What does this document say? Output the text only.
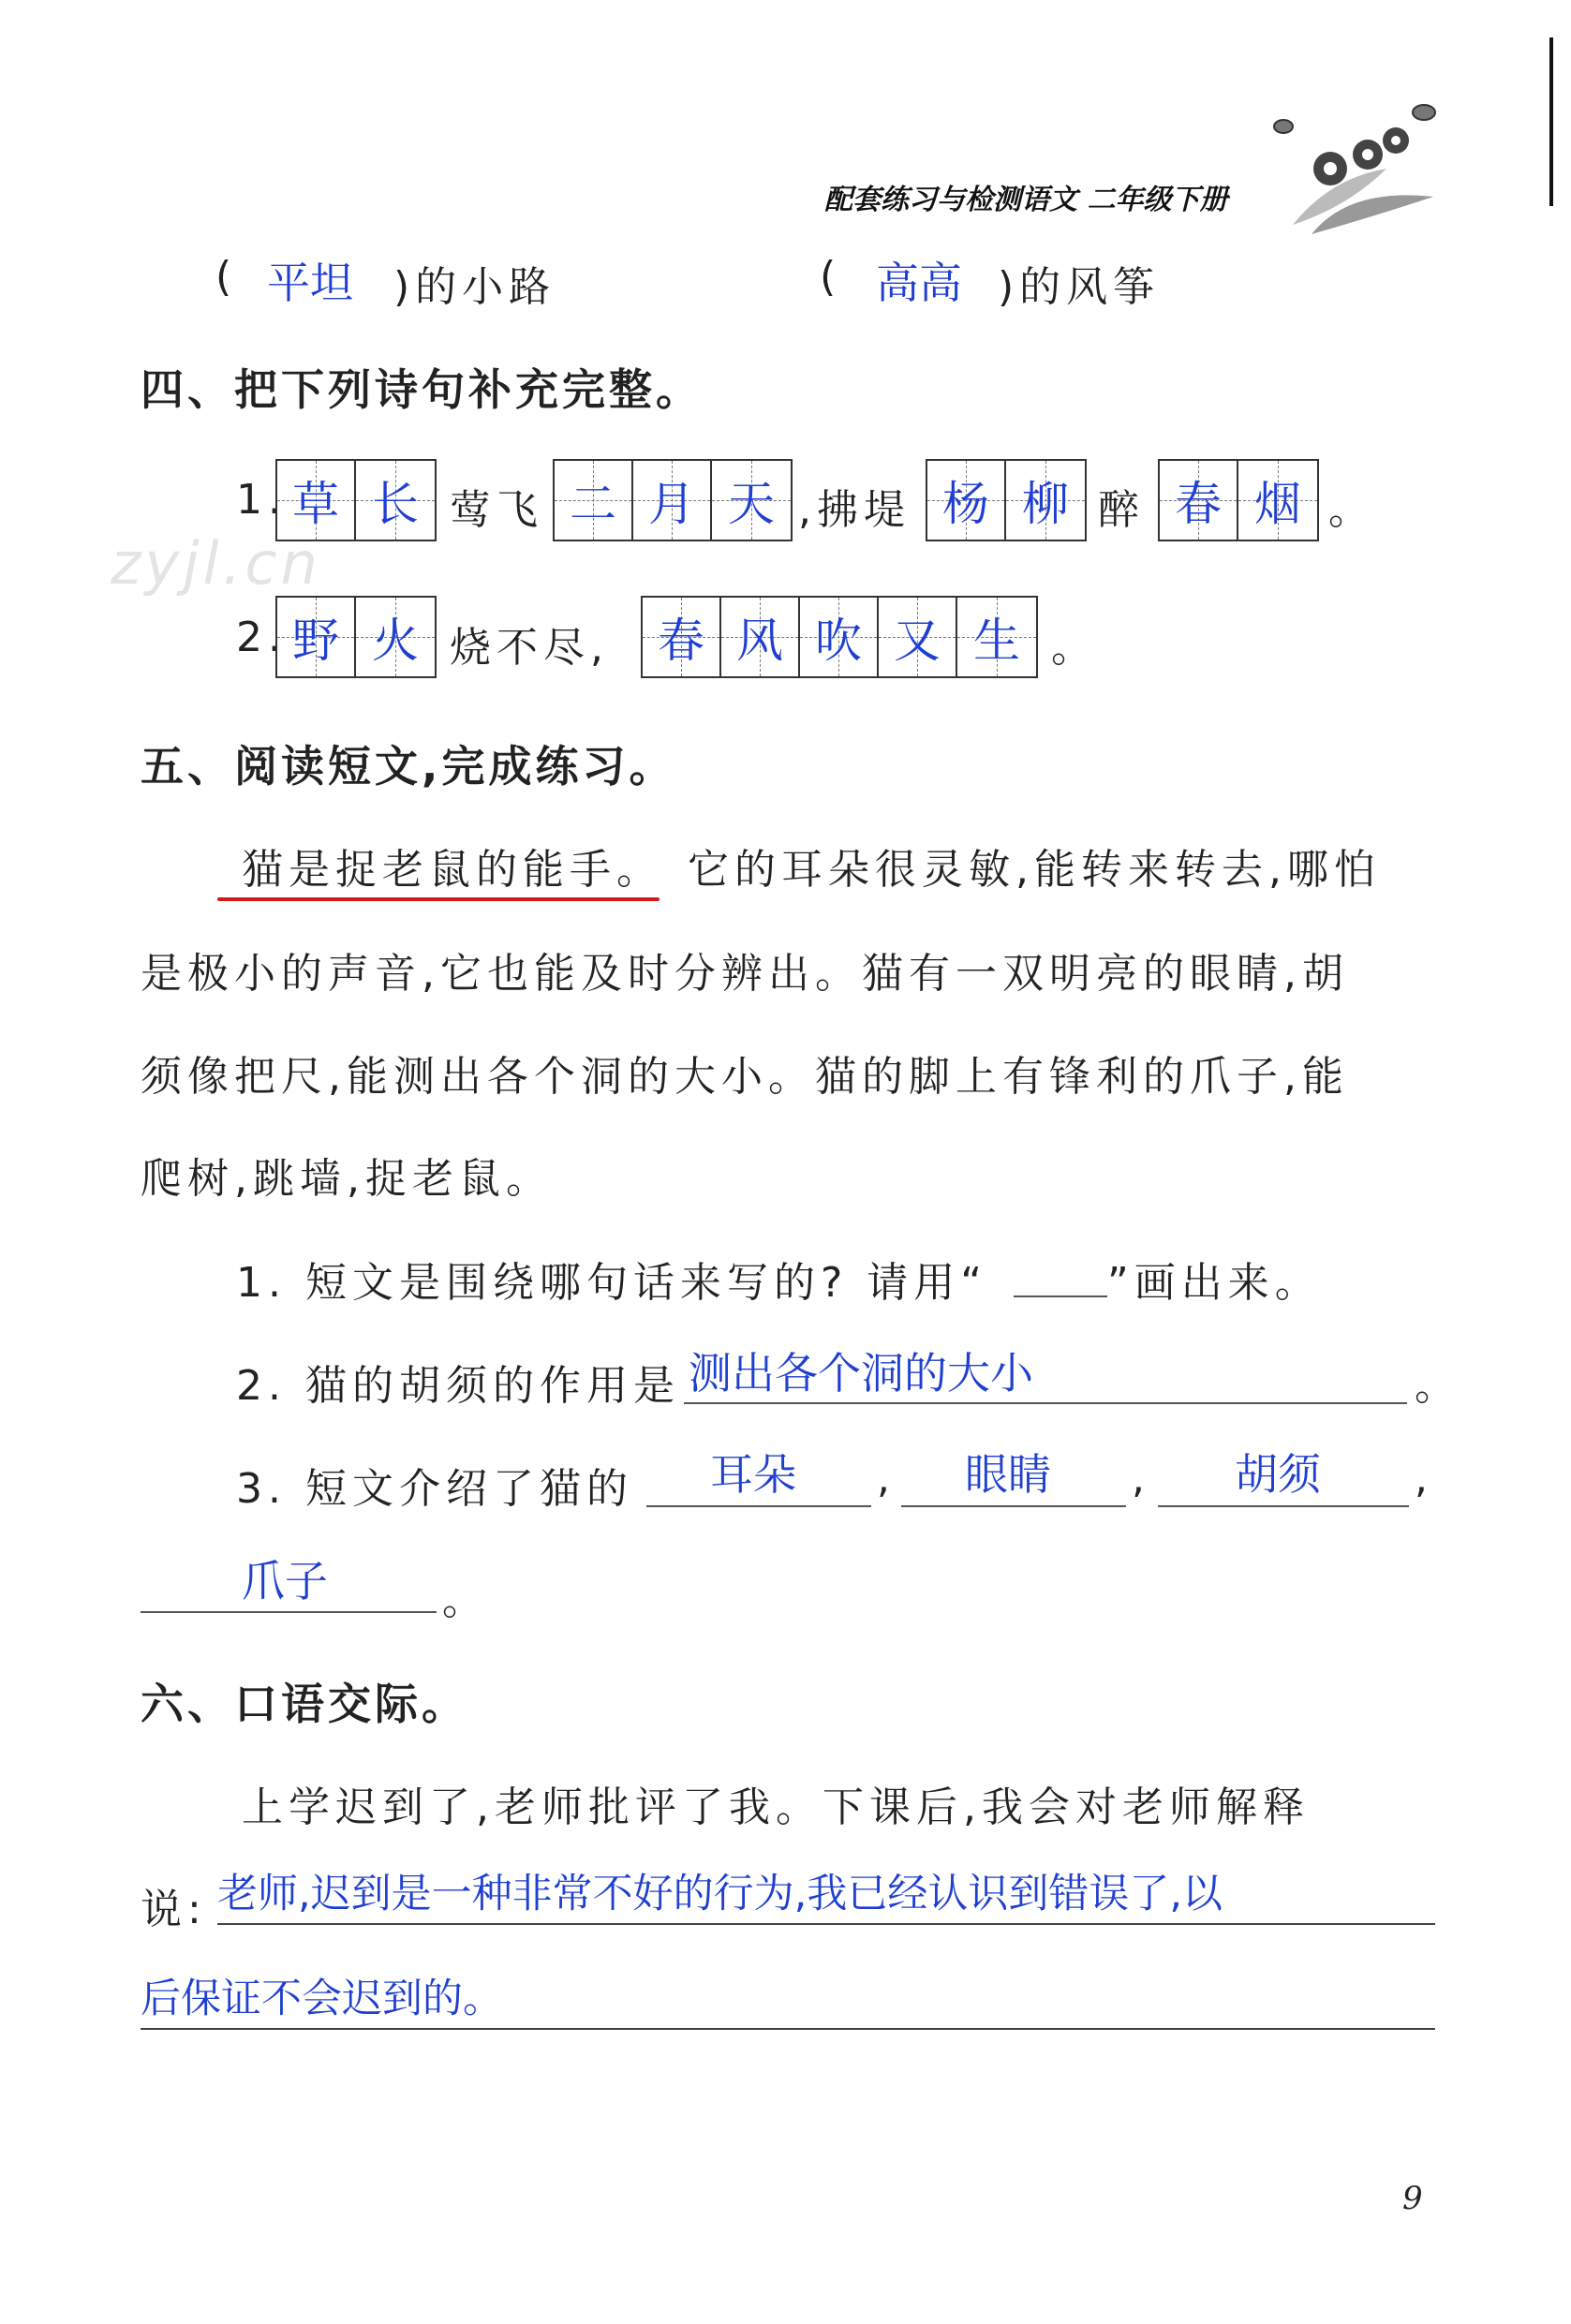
配套练习与检测语文 二年级下册
zyjl.cn
( 平坦 )的小路	( 高高 )的风筝
四、把下列诗句补充完整。
1. 草 长 莺飞 二 月 天 ,拂堤 杨 柳 醉 春 烟 。
2. 野 火 烧不尽, 春 风 吹 又 生 。
五、阅读短文,完成练习。
猫是捉老鼠的能手。 它的耳朵很灵敏,能转来转去,哪怕
是极小的声音,它也能及时分辨出。猫有一双明亮的眼睛,胡
须像把尺,能测出各个洞的大小。猫的脚上有锋利的爪子,能
爬树,跳墙,捉老鼠。
1. 短文是围绕哪句话来写的? 请用“	”画出来。
2. 猫的胡须的作用是 测出各个洞的大小	。
3. 短文介绍了猫的 耳朵 , 眼睛 , 胡须 ,
爪子	。
六、口语交际。
上学迟到了,老师批评了我。下课后,我会对老师解释
说: 老师,迟到是一种非常不好的行为,我已经认识到错误了,以
后保证不会迟到的。
9
